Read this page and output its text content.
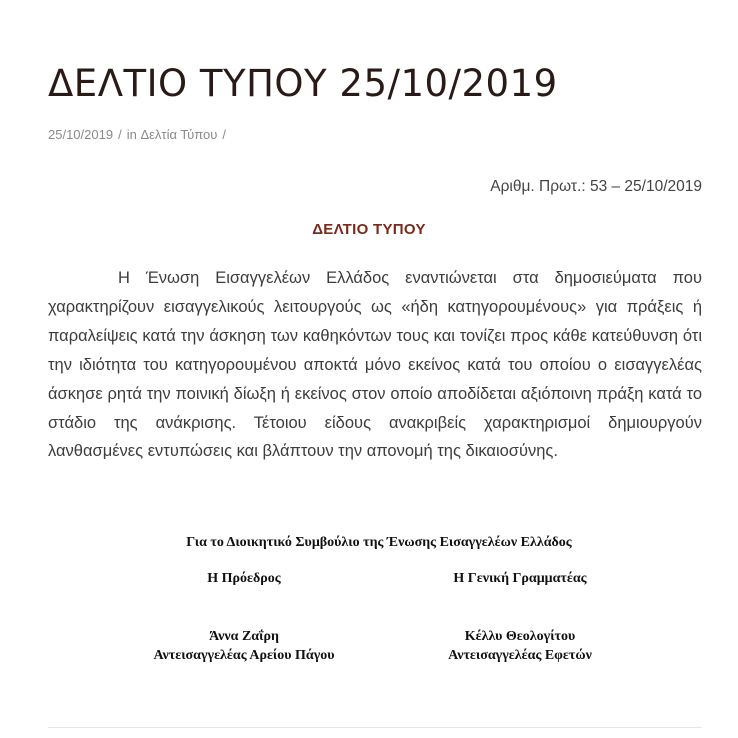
ΔΕΛΤΙΟ ΤΥΠΟΥ 25/10/2019
25/10/2019 / in Δελτία Τύπου /
Αριθμ. Πρωτ.: 53 – 25/10/2019
ΔΕΛΤΙΟ ΤΥΠΟΥ

Η Ένωση Εισαγγελέων Ελλάδος εναντιώνεται στα δημοσιεύματα που χαρακτηρίζουν εισαγγελικούς λειτουργούς ως «ήδη κατηγορουμένους» για πράξεις ή παραλείψεις κατά την άσκηση των καθηκόντων τους και τονίζει προς κάθε κατεύθυνση ότι την ιδιότητα του κατηγορουμένου αποκτά μόνο εκείνος κατά του οποίου ο εισαγγελέας άσκησε ρητά την ποινική δίωξη ή εκείνος στον οποίο αποδίδεται αξιόποινη πράξη κατά το στάδιο της ανάκρισης. Τέτοιου είδους ανακριβείς χαρακτηρισμοί δημιουργούν λανθασμένες εντυπώσεις και βλάπτουν την απονομή της δικαιοσύνης.

Για το Διοικητικό Συμβούλιο της Ένωσης Εισαγγελέων Ελλάδος
Η Πρόεδρος
Άννα Ζαΐρη
Αντεισαγγελέας Αρείου Πάγου
Η Γενική Γραμματέας
Κέλλυ Θεολογίτου
Αντεισαγγελέας Εφετών
